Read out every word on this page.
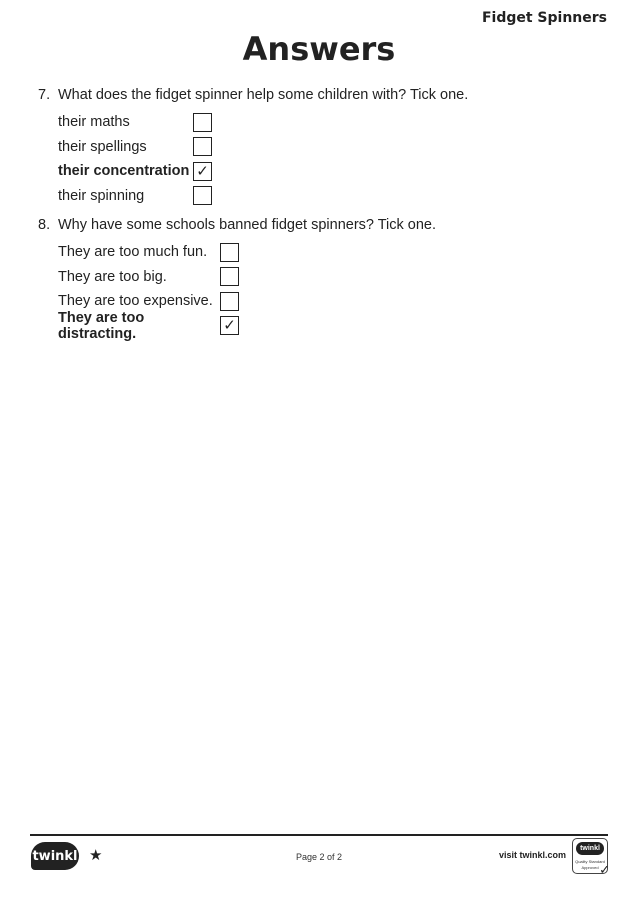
Fidget Spinners
Answers
7. What does the fidget spinner help some children with? Tick one.
their maths
their spellings
their concentration ✓
their spinning
8. Why have some schools banned fidget spinners? Tick one.
They are too much fun.
They are too big.
They are too expensive.
They are too distracting.	✓
twinkl ★	Page 2 of 2	visit twinkl.com
twinkl
Quality Standard
Approved ✓
